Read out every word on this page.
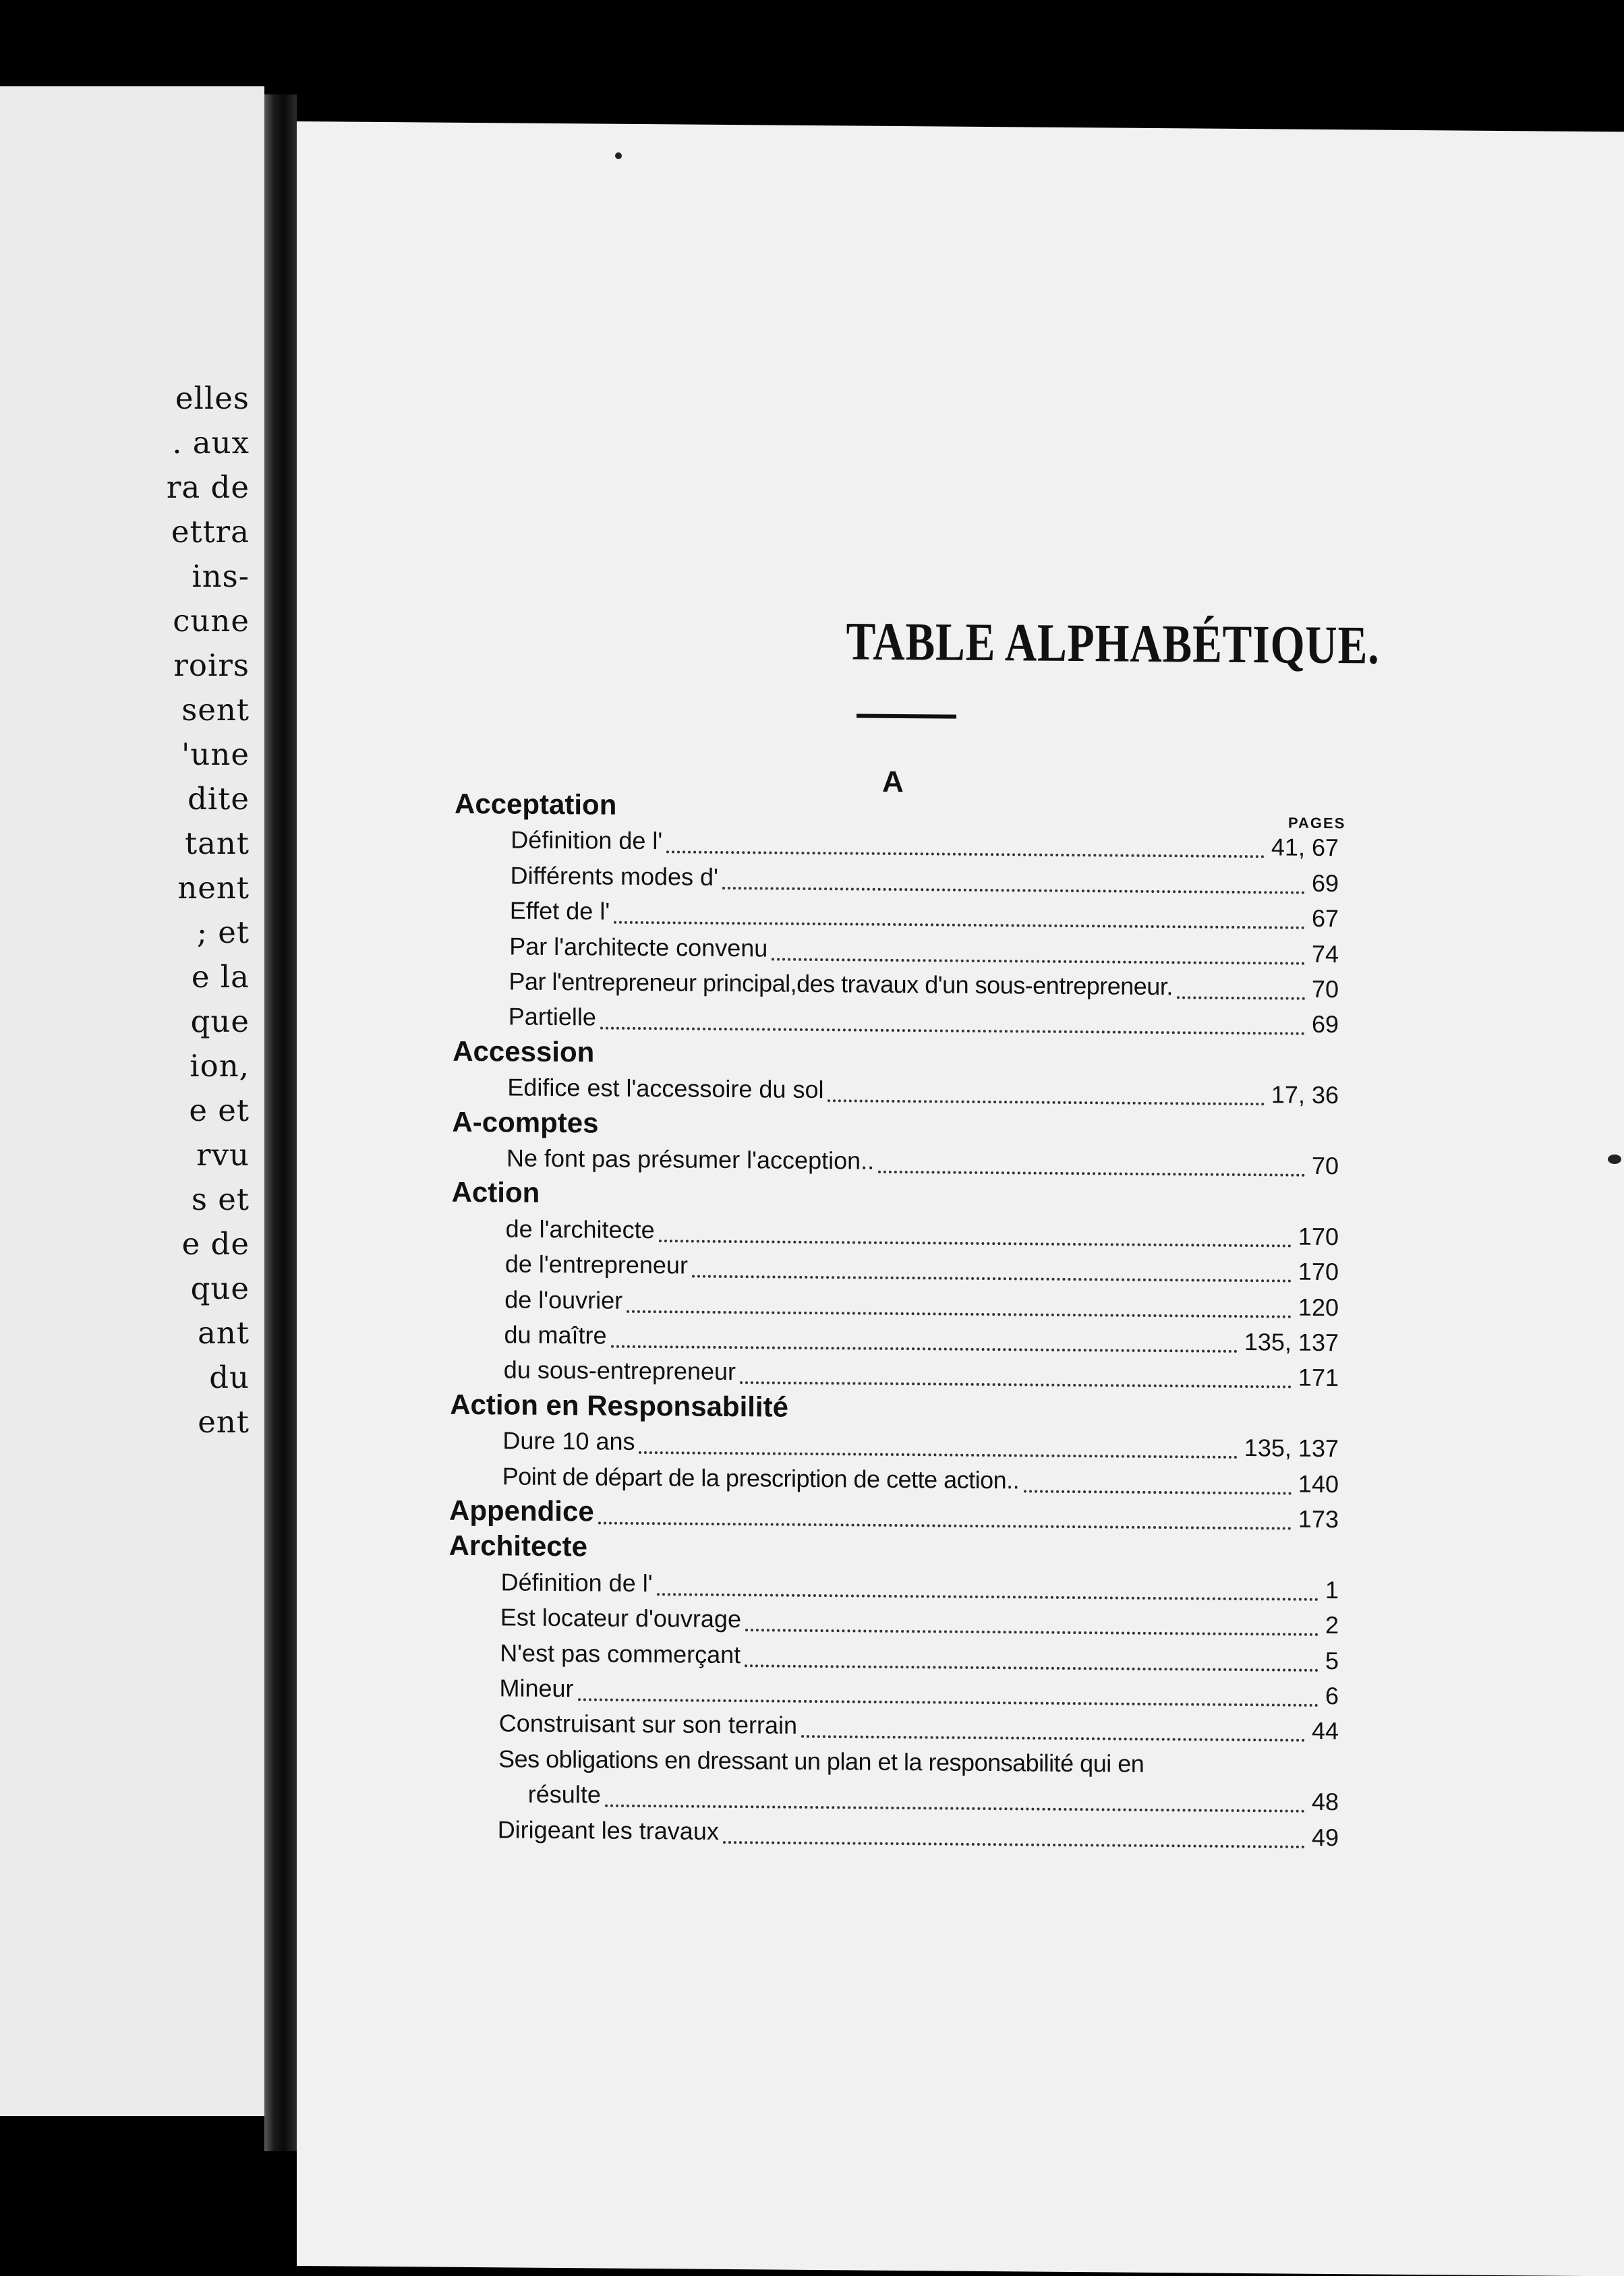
elles
. aux
ra de
ettra
ins-
cune
roirs
sent
'une
dite
tant
nent
; et
e la
que
ion,
e et
rvu
s et
e de
que
ant
du
ent
TABLE ALPHABÉTIQUE.
A
PAGES
Acceptation
Définition de l'	41, 67
Différents modes d'	69
Effet de l'	67
Par l'architecte convenu	74
Par l'entrepreneur principal,des travaux d'un sous-entrepreneur.	70
Partielle	69
Accession
Edifice est l'accessoire du sol	17, 36
A-comptes
Ne font pas présumer l'acception..	70
Action
de l'architecte	170
de l'entrepreneur	170
de l'ouvrier	120
du maître	135, 137
du sous-entrepreneur	171
Action en Responsabilité
Dure 10 ans	135, 137
Point de départ de la prescription de cette action..	140
Appendice	173
Architecte
Définition de l'	1
Est locateur d'ouvrage	2
N'est pas commerçant	5
Mineur	6
Construisant sur son terrain	44
Ses obligations en dressant un plan et la responsabilité qui en
résulte	48
Dirigeant les travaux	49
